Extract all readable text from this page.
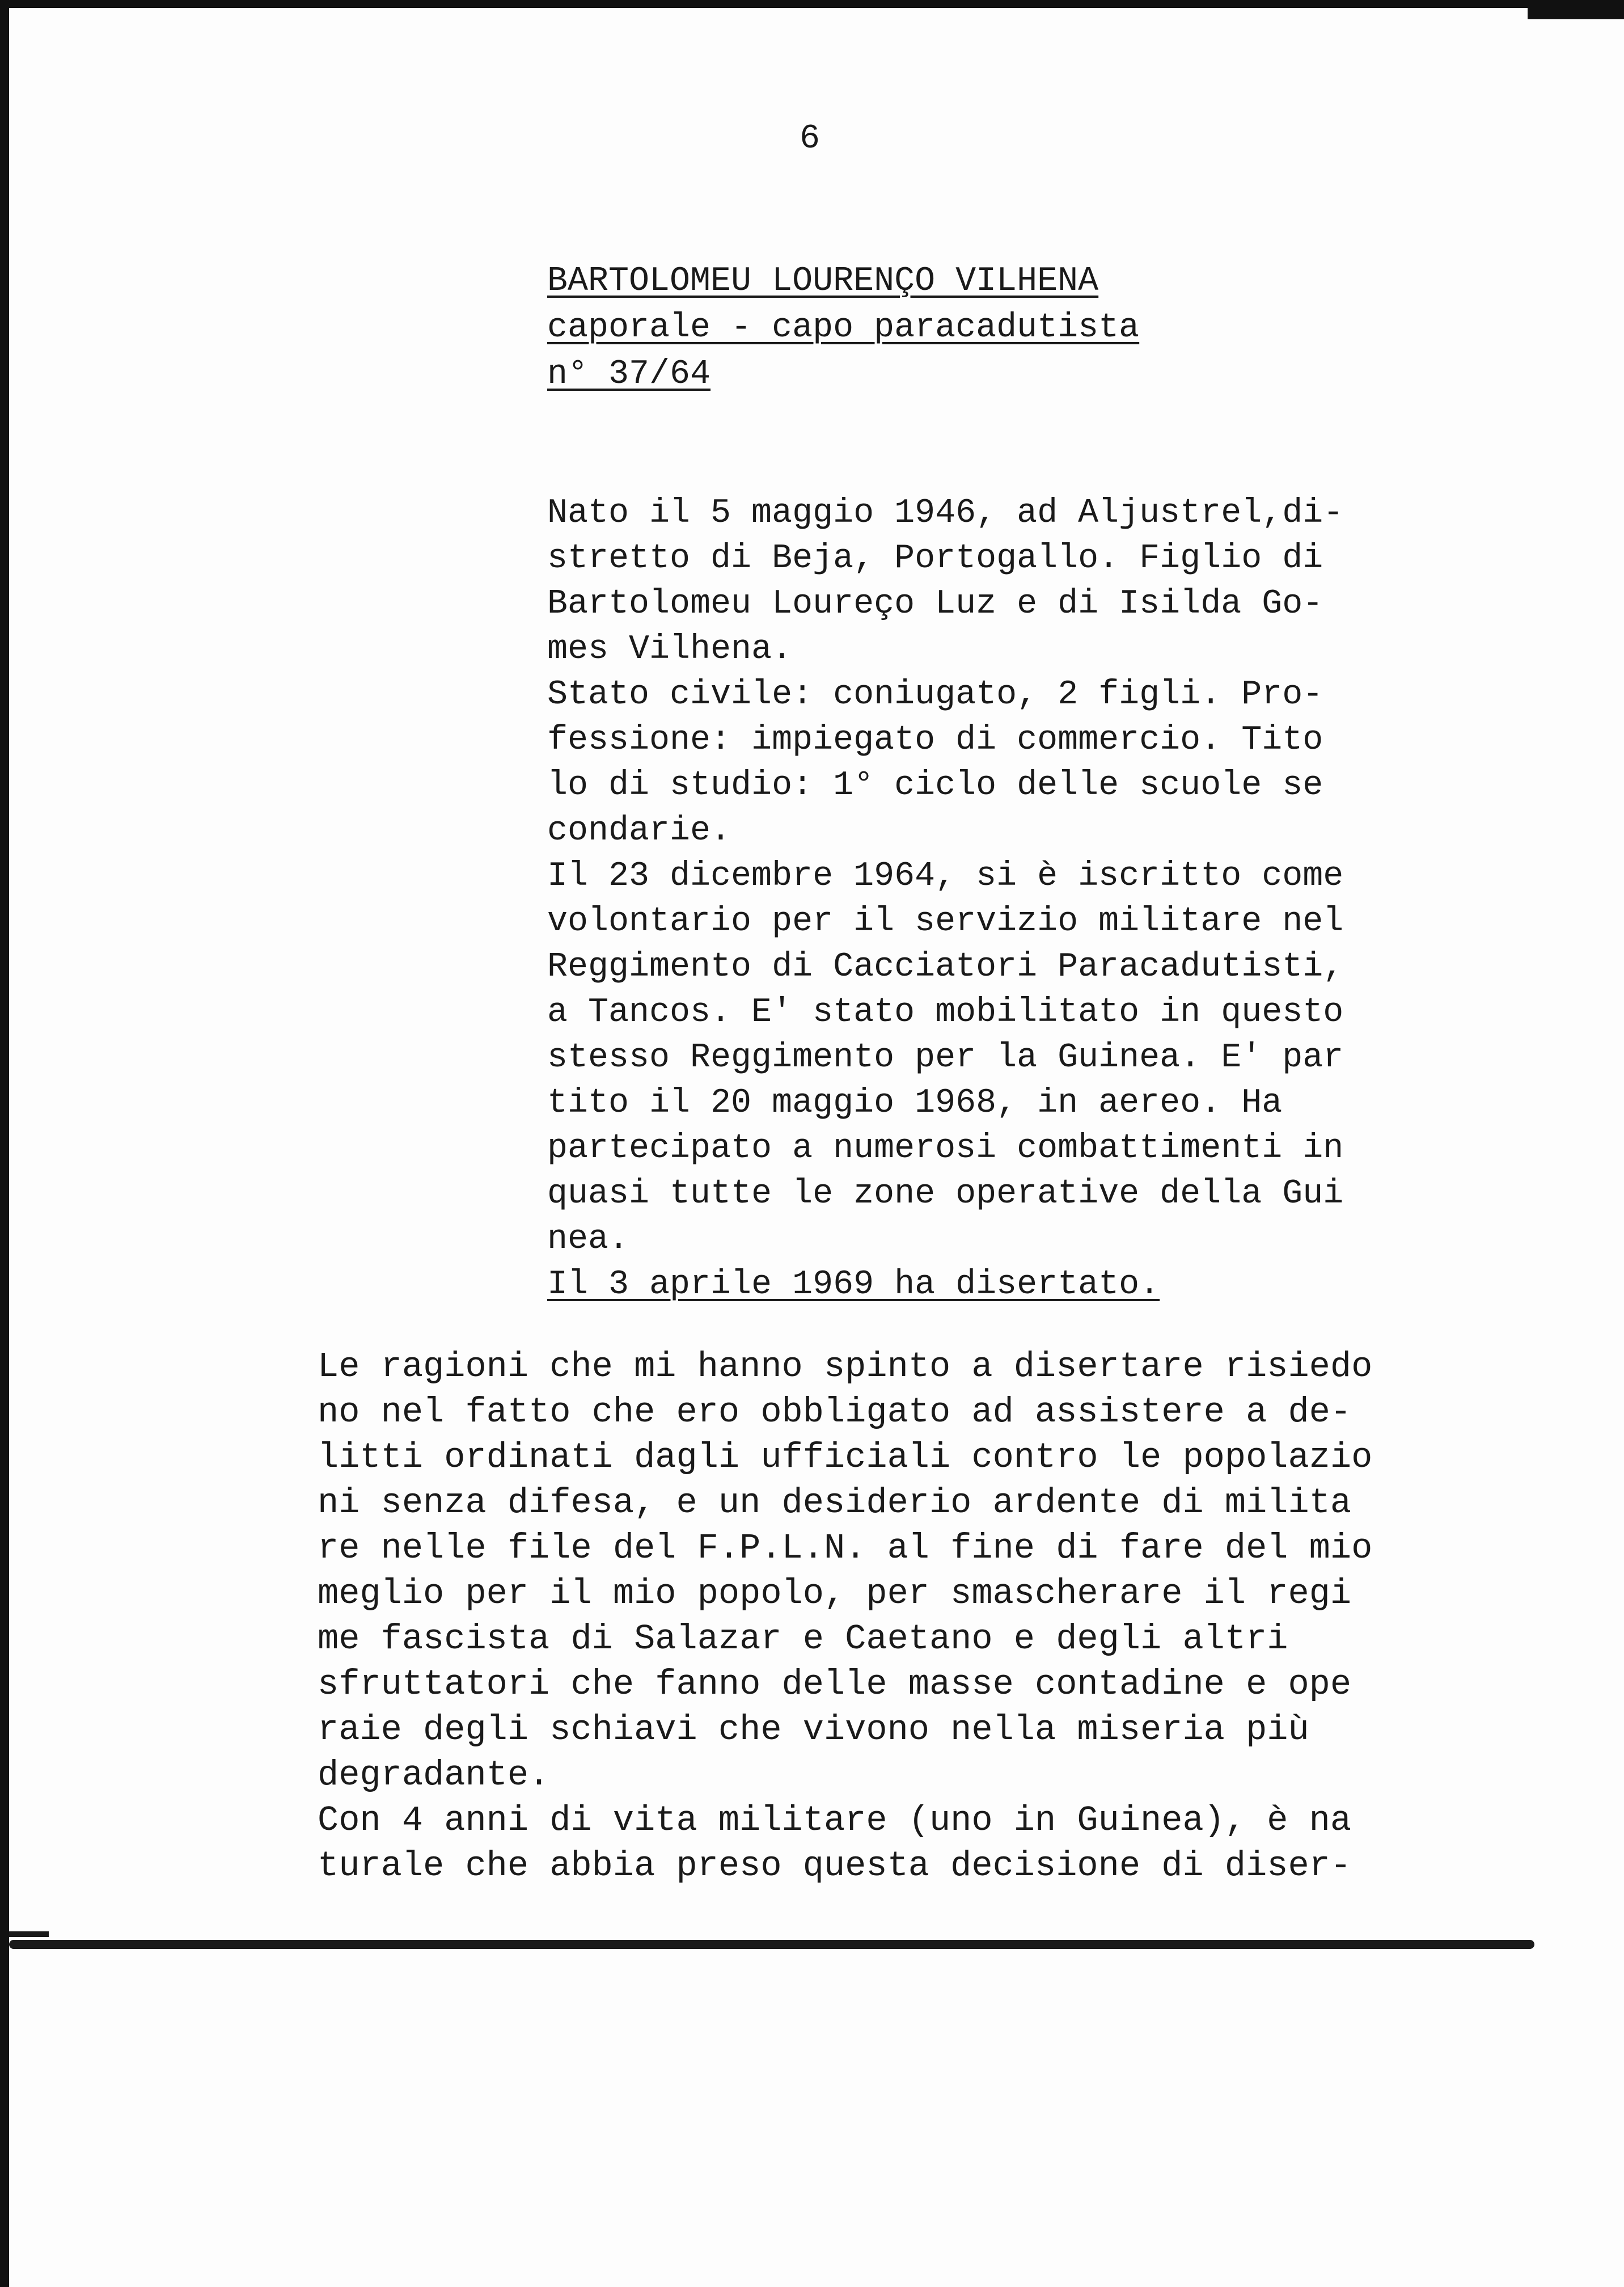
6
BARTOLOMEU LOURENÇO VILHENA
caporale - capo paracadutista
n° 37/64

Nato il 5 maggio 1946, ad Aljustrel,di-

stretto di Beja, Portogallo. Figlio di

Bartolomeu Loureço Luz e di Isilda Go-

mes Vilhena.

Stato civile: coniugato, 2 figli. Pro-

fessione: impiegato di commercio. Tito

lo di studio: 1° ciclo delle scuole se

condarie.

Il 23 dicembre 1964, si è iscritto come

volontario per il servizio militare nel

Reggimento di Cacciatori Paracadutisti,

a Tancos. E' stato mobilitato in questo

stesso Reggimento per la Guinea. E' par

tito il 20 maggio 1968, in aereo. Ha

partecipato a numerosi combattimenti in

quasi tutte le zone operative della Gui

nea.

Il 3 aprile 1969 ha disertato.

Le ragioni che mi hanno spinto a disertare risiedo

no nel fatto che ero obbligato ad assistere a de-

litti ordinati dagli ufficiali contro le popolazio

ni senza difesa, e un desiderio ardente di milita

re nelle file del F.P.L.N. al fine di fare del mio

meglio per il mio popolo, per smascherare il regi

me fascista di Salazar e Caetano e degli altri

sfruttatori che fanno delle masse contadine e ope

raie degli schiavi che vivono nella miseria più

degradante.

Con 4 anni di vita militare (uno in Guinea), è na

turale che abbia preso questa decisione di diser-
